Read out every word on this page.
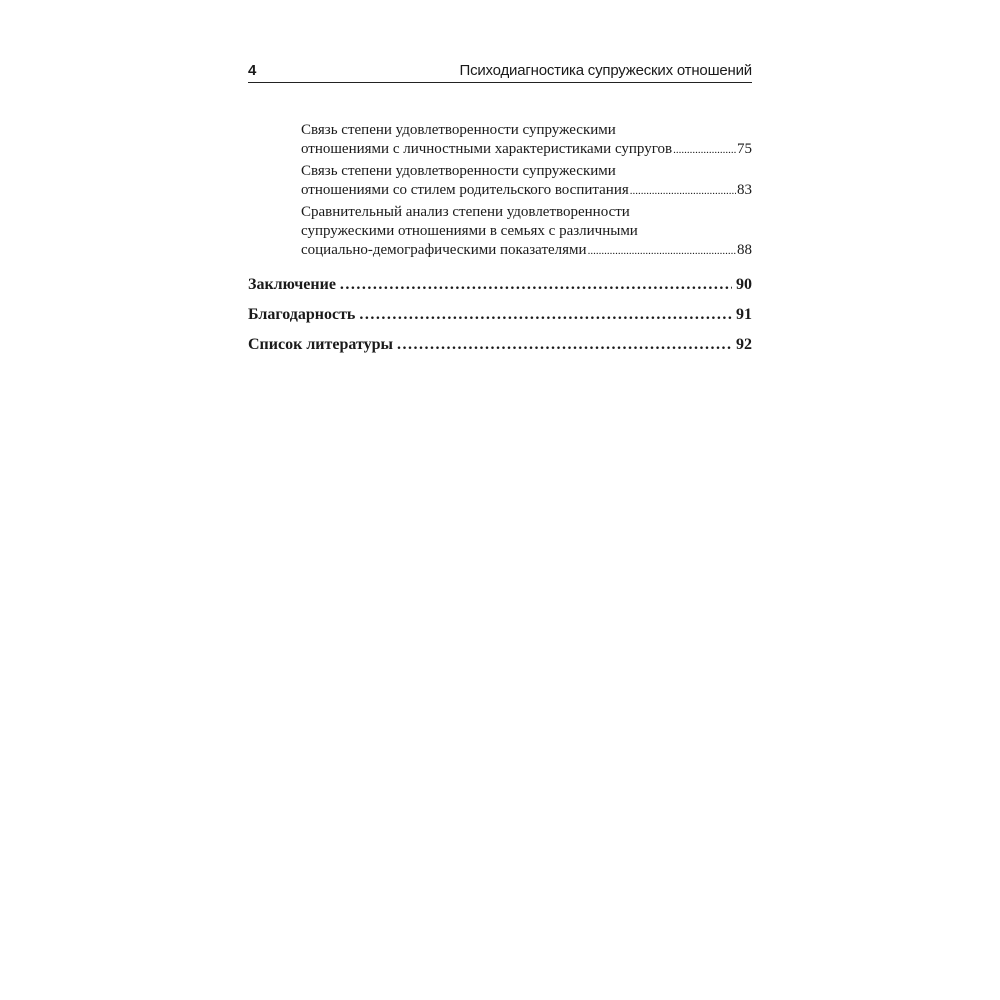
4	Психодиагностика супружеских отношений
Связь степени удовлетворенности супружескими
отношениями с личностными характеристиками супругов .....	75
Связь степени удовлетворенности супружескими
отношениями со стилем родительского воспитания .....	83
Сравнительный анализ степени удовлетворенности
супружескими отношениями в семьях с различными
социально-демографическими показателями .....	88
Заключение .....	90
Благодарность .....	91
Список литературы .....	92
